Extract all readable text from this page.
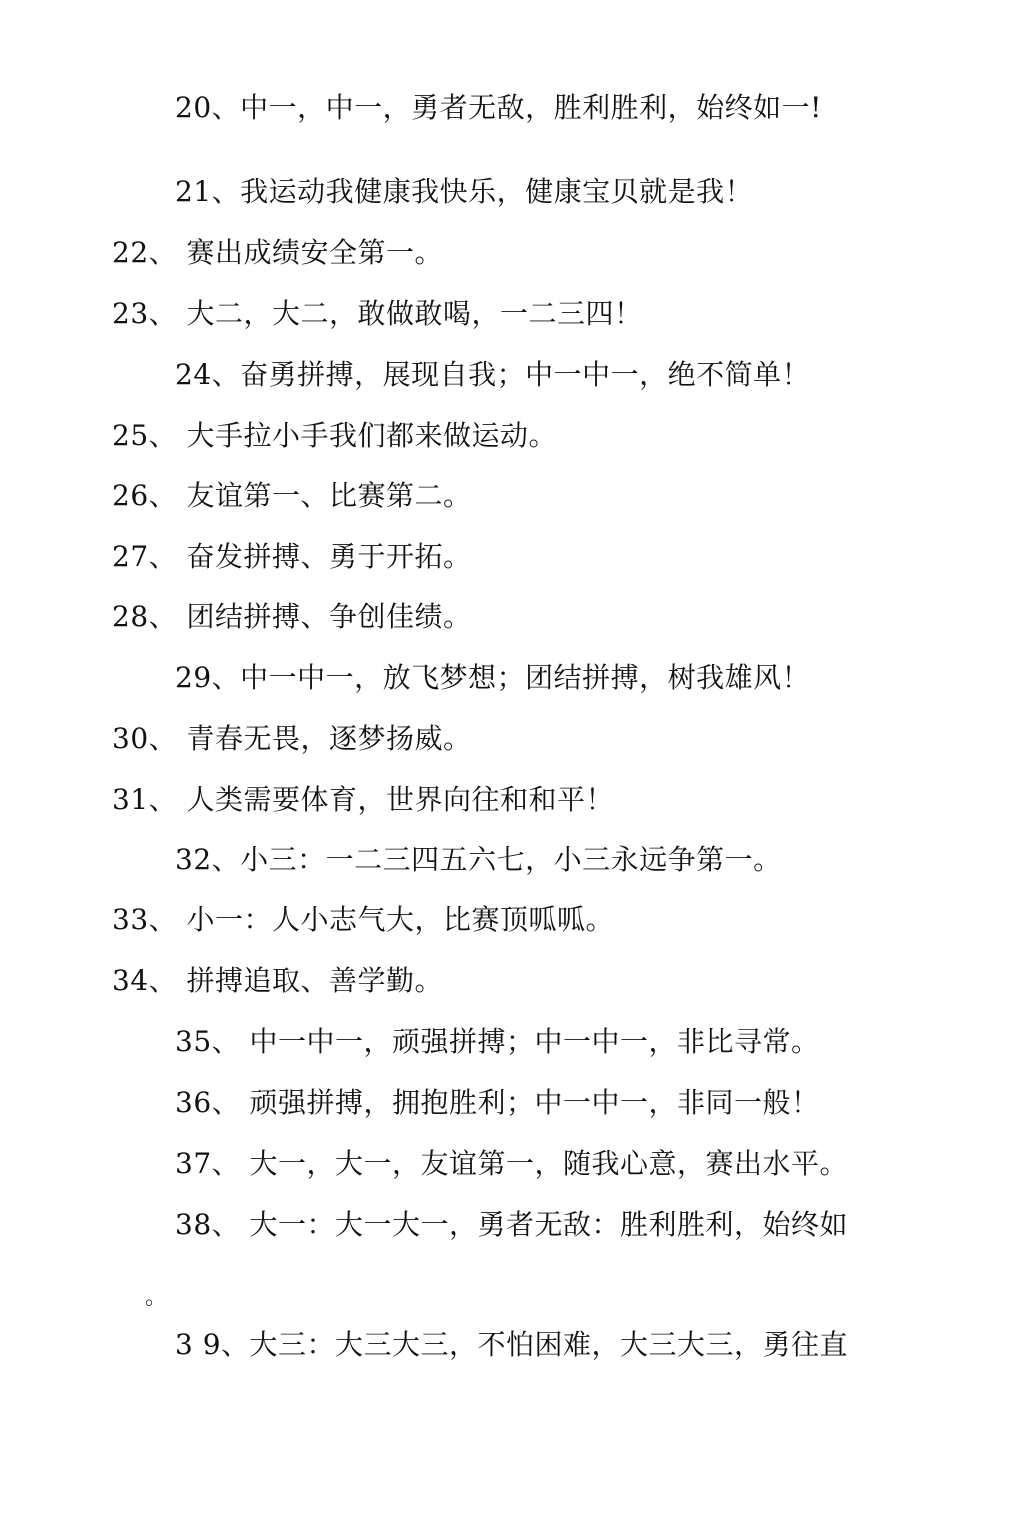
20、中一，中一，勇者无敌，胜利胜利，始终如一!
21、我运动我健康我快乐，健康宝贝就是我！
22、 赛出成绩安全第一。
23、 大二，大二，敢做敢喝，一二三四！
24、奋勇拼搏，展现自我；中一中一，绝不简单！
25、 大手拉小手我们都来做运动。
26、 友谊第一、比赛第二。
27、 奋发拼搏、勇于开拓。
28、 团结拼搏、争创佳绩。
29、中一中一，放飞梦想；团结拼搏，树我雄风！
30、 青春无畏，逐梦扬威。
31、 人类需要体育，世界向往和和平！
32、小三：一二三四五六七，小三永远争第一。
33、 小一：人小志气大，比赛顶呱呱。
34、 拼搏追取、善学勤。
35、 中一中一，顽强拼搏；中一中一，非比寻常。
36、 顽强拼搏，拥抱胜利；中一中一，非同一般！
37、 大一，大一，友谊第一，随我心意，赛出水平。
38、 大一：大一大一，勇者无敌：胜利胜利，始终如
。
3 9、大三：大三大三，不怕困难，大三大三，勇往直
